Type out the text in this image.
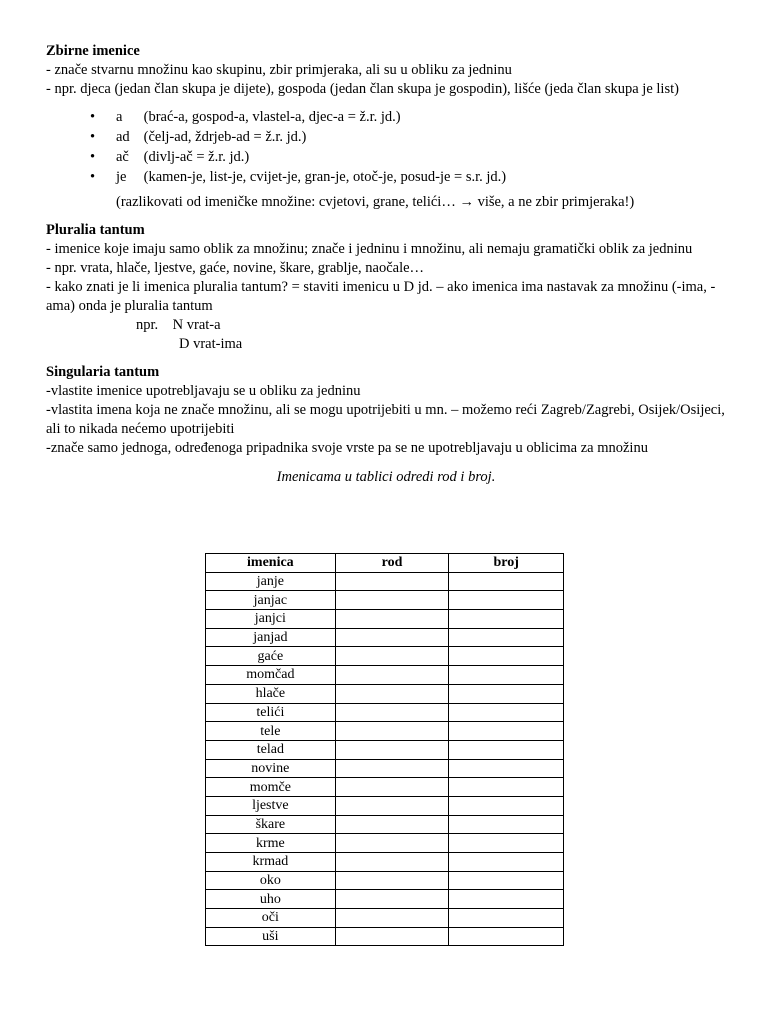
Zbirne imenice
- znače stvarnu množinu kao skupinu, zbir primjeraka, ali su u obliku za jedninu
- npr. djeca (jedan član skupa je dijete), gospoda (jedan član skupa je gospodin), lišće (jeda član skupa je list)
• a (brać-a, gospod-a, vlastel-a, djec-a = ž.r. jd.)
• ad (čelj-ad, ždrjeb-ad = ž.r. jd.)
• ač (divlj-ač = ž.r. jd.)
• je (kamen-je, list-je, cvijet-je, gran-je, otoč-je, posud-je = s.r. jd.)
(razlikovati od imeničke množine: cvjetovi, grane, telići… → više, a ne zbir primjeraka!)
Pluralia tantum
- imenice koje imaju samo oblik za množinu; znače i jedninu i množinu, ali nemaju gramatički oblik za jedninu
- npr. vrata, hlače, ljestve, gaće, novine, škare, grablje, naočale…
- kako znati je li imenica pluralia tantum? = staviti imenicu u D jd. – ako imenica ima nastavak za množinu (-ima, -ama) onda je pluralia tantum
npr. N vrat-a
D vrat-ima
Singularia tantum
-vlastite imenice upotrebljavaju se u obliku za jedninu
-vlastita imena koja ne znače množinu, ali se mogu upotrijebiti u mn. – možemo reći Zagreb/Zagrebi, Osijek/Osijeci, ali to nikada nećemo upotrijebiti
-znače samo jednoga, određenoga pripadnika svoje vrste pa se ne upotrebljavaju u oblicima za množinu
Imenicama u tablici odredi rod i broj.
imenica	rod	broj
janje		
janjac		
janjci		
janjad		
gaće		
momčad		
hlače		
telići		
tele		
telad		
novine		
momče		
ljestve		
škare		
krme		
krmad		
oko		
uho		
oči		
uši		
